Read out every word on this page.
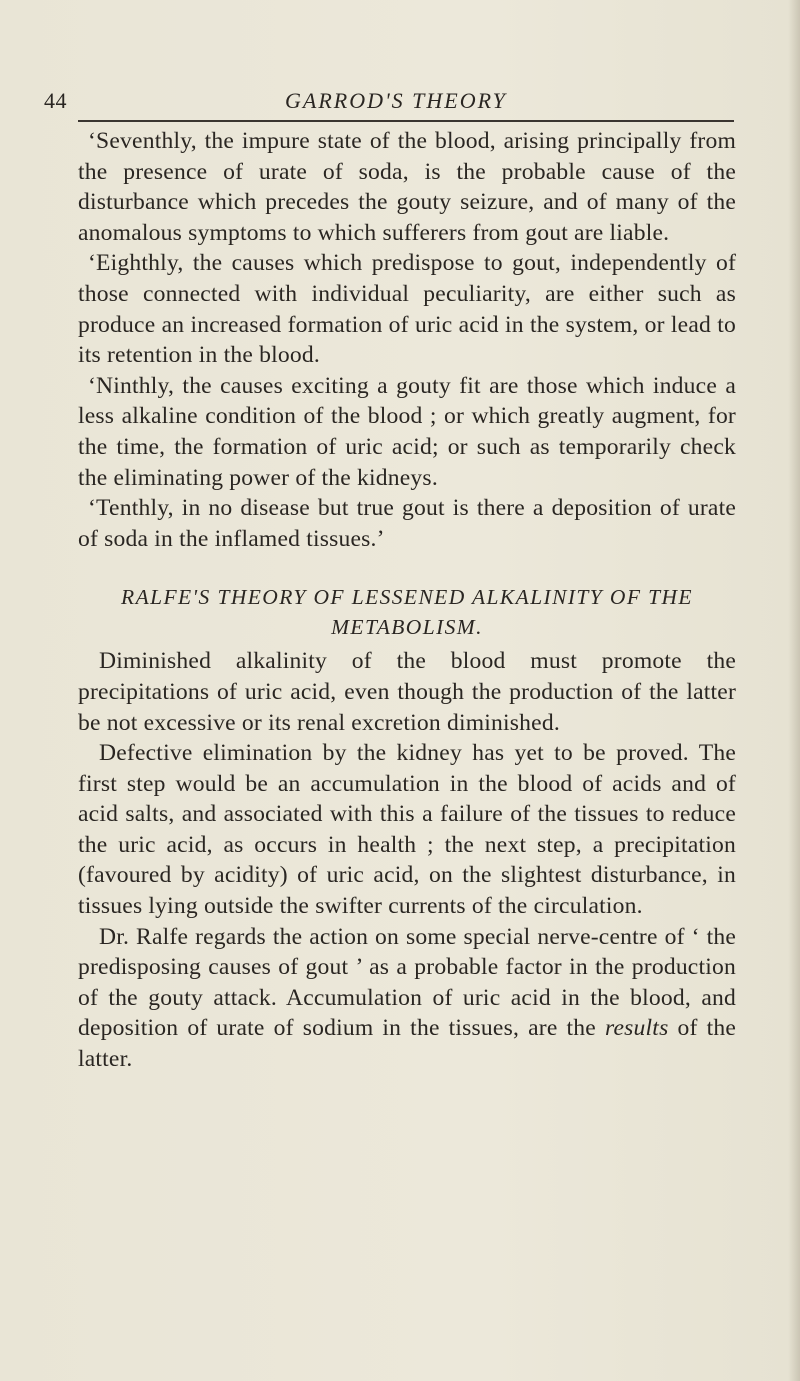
44	GARROD'S THEORY

‘Seventhly, the impure state of the blood, arising principally from the presence of urate of soda, is the probable cause of the disturbance which precedes the gouty seizure, and of many of the anomalous symptoms to which sufferers from gout are liable.

‘Eighthly, the causes which predispose to gout, independently of those connected with individual peculiarity, are either such as produce an increased formation of uric acid in the system, or lead to its retention in the blood.

‘Ninthly, the causes exciting a gouty fit are those which induce a less alkaline condition of the blood ; or which greatly augment, for the time, the formation of uric acid; or such as temporarily check the eliminating power of the kidneys.

‘Tenthly, in no disease but true gout is there a deposition of urate of soda in the inflamed tissues.’

RALFE'S THEORY OF LESSENED ALKALINITY OF THE METABOLISM.

Diminished alkalinity of the blood must promote the precipitations of uric acid, even though the production of the latter be not excessive or its renal excretion diminished.

Defective elimination by the kidney has yet to be proved. The first step would be an accumulation in the blood of acids and of acid salts, and associated with this a failure of the tissues to reduce the uric acid, as occurs in health ; the next step, a precipitation (favoured by acidity) of uric acid, on the slightest disturbance, in tissues lying outside the swifter currents of the circulation.

Dr. Ralfe regards the action on some special nerve-centre of ‘ the predisposing causes of gout ’ as a probable factor in the production of the gouty attack. Accumulation of uric acid in the blood, and deposition of urate of sodium in the tissues, are the results of the latter.
